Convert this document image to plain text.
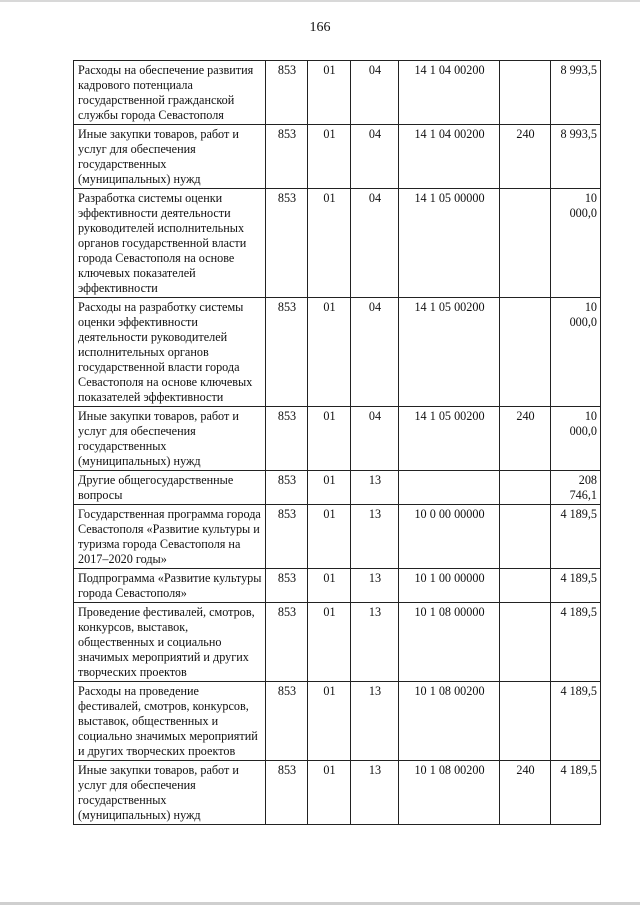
166
Расходы на обеспечение развития кадрового потенциала государственной гражданской службы города Севастополя	853	01	04	14 1 04 00200		8 993,5
Иные закупки товаров, работ и услуг для обеспечения государственных (муниципальных) нужд	853	01	04	14 1 04 00200	240	8 993,5
Разработка системы оценки эффективности деятельности руководителей исполнительных органов государственной власти города Севастополя на основе ключевых показателей эффективности	853	01	04	14 1 05 00000		10 000,0
Расходы на разработку системы оценки эффективности деятельности руководителей исполнительных органов государственной власти города Севастополя на основе ключевых показателей эффективности	853	01	04	14 1 05 00200		10 000,0
Иные закупки товаров, работ и услуг для обеспечения государственных (муниципальных) нужд	853	01	04	14 1 05 00200	240	10 000,0
Другие общегосударственные вопросы	853	01	13			208 746,1
Государственная программа города Севастополя «Развитие культуры и туризма города Севастополя на 2017–2020 годы»	853	01	13	10 0 00 00000		4 189,5
Подпрограмма «Развитие культуры города Севастополя»	853	01	13	10 1 00 00000		4 189,5
Проведение фестивалей, смотров, конкурсов, выставок, общественных и социально значимых мероприятий и других творческих проектов	853	01	13	10 1 08 00000		4 189,5
Расходы на проведение фестивалей, смотров, конкурсов, выставок, общественных и социально значимых мероприятий и других творческих проектов	853	01	13	10 1 08 00200		4 189,5
Иные закупки товаров, работ и услуг для обеспечения государственных (муниципальных) нужд	853	01	13	10 1 08 00200	240	4 189,5
